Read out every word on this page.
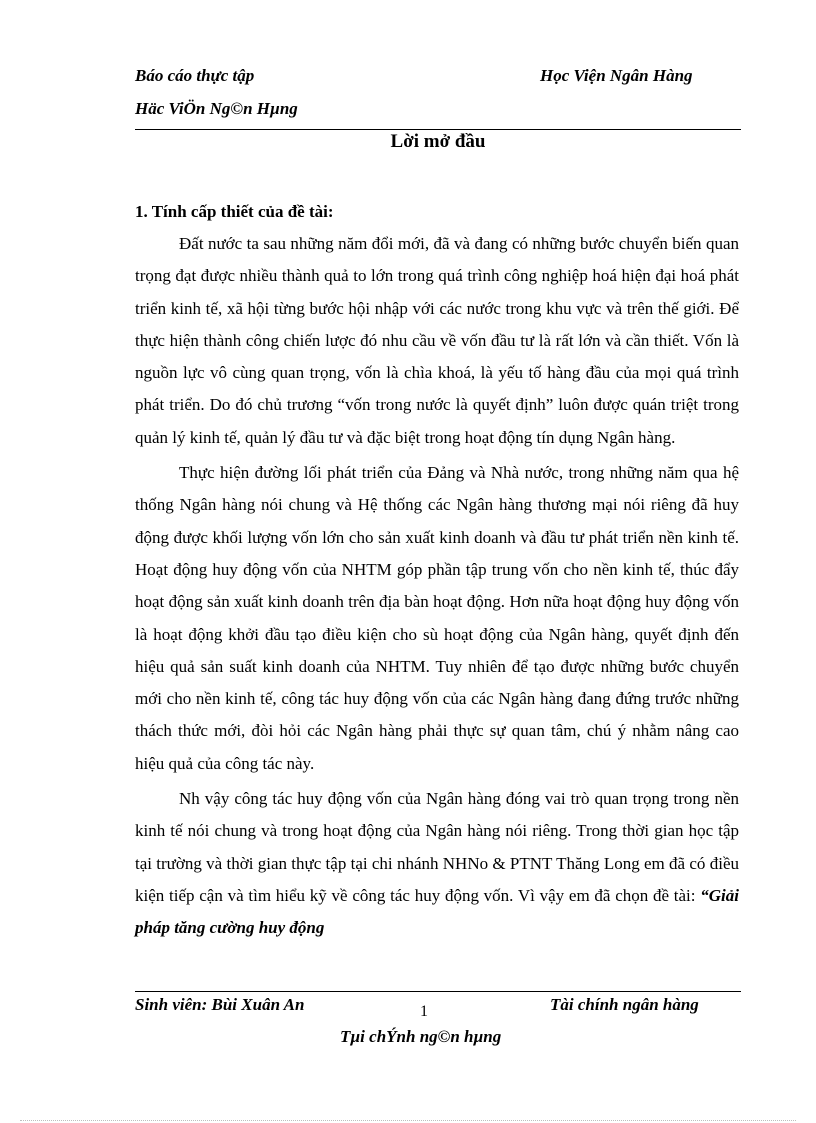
Báo cáo thực tập	Học Viện Ngân Hàng
Häc ViÖn Ng©n Hµng
Lời mở đầu
1. Tính cấp thiết của đề tài:

Đất nước ta sau những năm đổi mới, đã và đang có những bước chuyển biến quan trọng đạt được nhiều thành quả to lớn trong quá trình công nghiệp hoá hiện đại hoá phát triển kinh tế, xã hội từng bước hội nhập với các nước trong khu vực và trên thế giới. Để thực hiện thành công chiến lược đó nhu cầu về vốn đầu tư là rất lớn và cần thiết. Vốn là nguồn lực vô cùng quan trọng, vốn là chìa khoá, là yếu tố hàng đầu của mọi quá trình phát triển. Do đó chủ trương “vốn trong nước là quyết định” luôn được quán triệt trong quản lý kinh tế, quản lý đầu tư và đặc biệt trong hoạt động tín dụng Ngân hàng.

Thực hiện đường lối phát triển của Đảng và Nhà nước, trong những năm qua hệ thống Ngân hàng nói chung và Hệ thống các Ngân hàng thương mại nói riêng đã huy động được khối lượng vốn lớn cho sản xuất kinh doanh và đầu tư phát triển nền kinh tế. Hoạt động huy động vốn của NHTM góp phần tập trung vốn cho nền kinh tế, thúc đẩy hoạt động sản xuất kinh doanh trên địa bàn hoạt động. Hơn nữa hoạt động huy động vốn là hoạt động khởi đầu tạo điều kiện cho sù hoạt động của Ngân hàng, quyết định đến hiệu quả sản suất kinh doanh của NHTM. Tuy nhiên để tạo được những bước chuyển mới cho nền kinh tế, công tác huy động vốn của các Ngân hàng đang đứng trước những thách thức mới, đòi hỏi các Ngân hàng phải thực sự quan tâm, chú ý nhằm nâng cao hiệu quả của công tác này.

Nh vậy công tác huy động vốn của Ngân hàng đóng vai trò quan trọng trong nền kinh tế nói chung và trong hoạt động của Ngân hàng nói riêng. Trong thời gian học tập tại trường và thời gian thực tập tại chi nhánh NHNo & PTNT Thăng Long em đã có điều kiện tiếp cận và tìm hiểu kỹ về công tác huy động vốn. Vì vậy em đã chọn đề tài: “Giải pháp tăng cường huy động

Sinh viên: Bùi Xuân An	1	Tài chính ngân hàng
Tµi chÝnh ng©n hµng
